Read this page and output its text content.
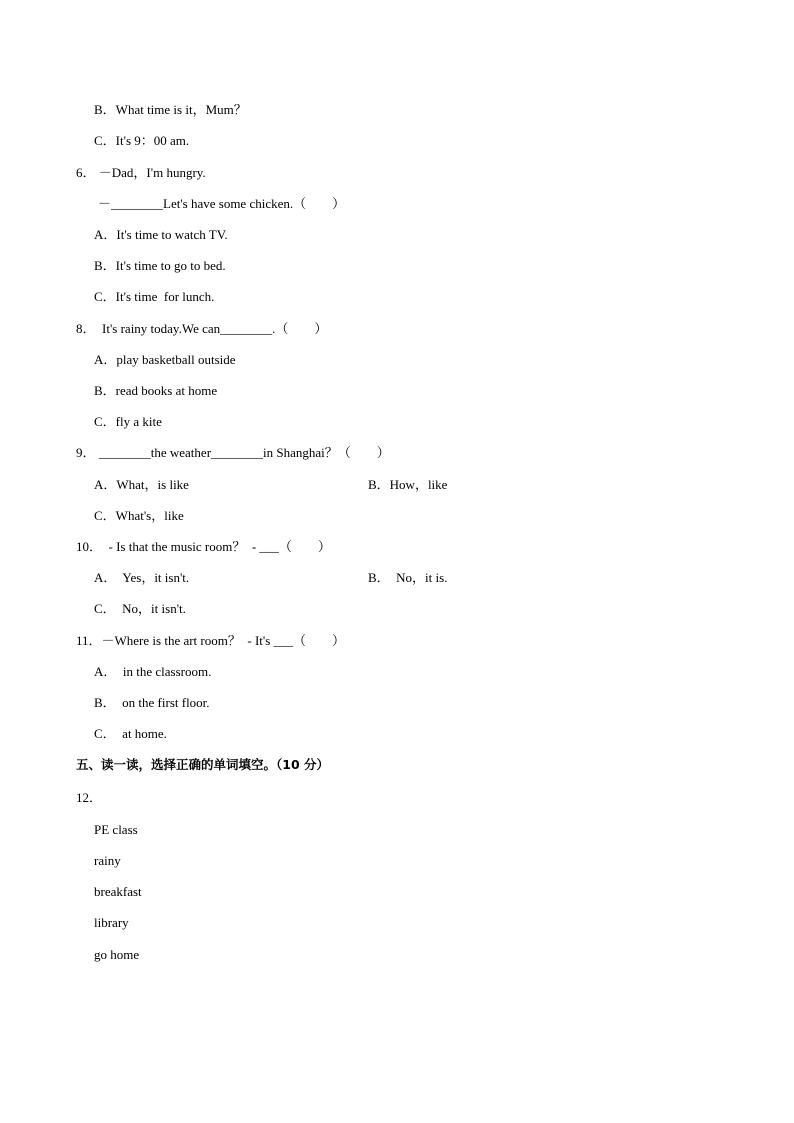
B．What time is it，Mum？
C．It's 9：00 am.
6． －Dad，I'm hungry.
－________Let's have some chicken.（　　）
A．It's time to watch TV.
B．It's time to go to bed.
C．It's time  for lunch.
8．  It's rainy today.We can________.（　　）
A．play basketball outside
B．read books at home
C．fly a kite
9． ________the weather________in Shanghai？（　　）
A．What，is like	B．How，like
C．What's，like
10．  - Is that the music room？  - ___（　　）
A．  Yes，it isn't.	B．  No，it is.
C．  No，it isn't.
11．－Where is the art room？  - It's ___（　　）
A．  in the classroom.
B．  on the first floor.
C．  at home.
五、读一读，选择正确的单词填空。（10 分）
12．
PE class
rainy
breakfast
library
go home
